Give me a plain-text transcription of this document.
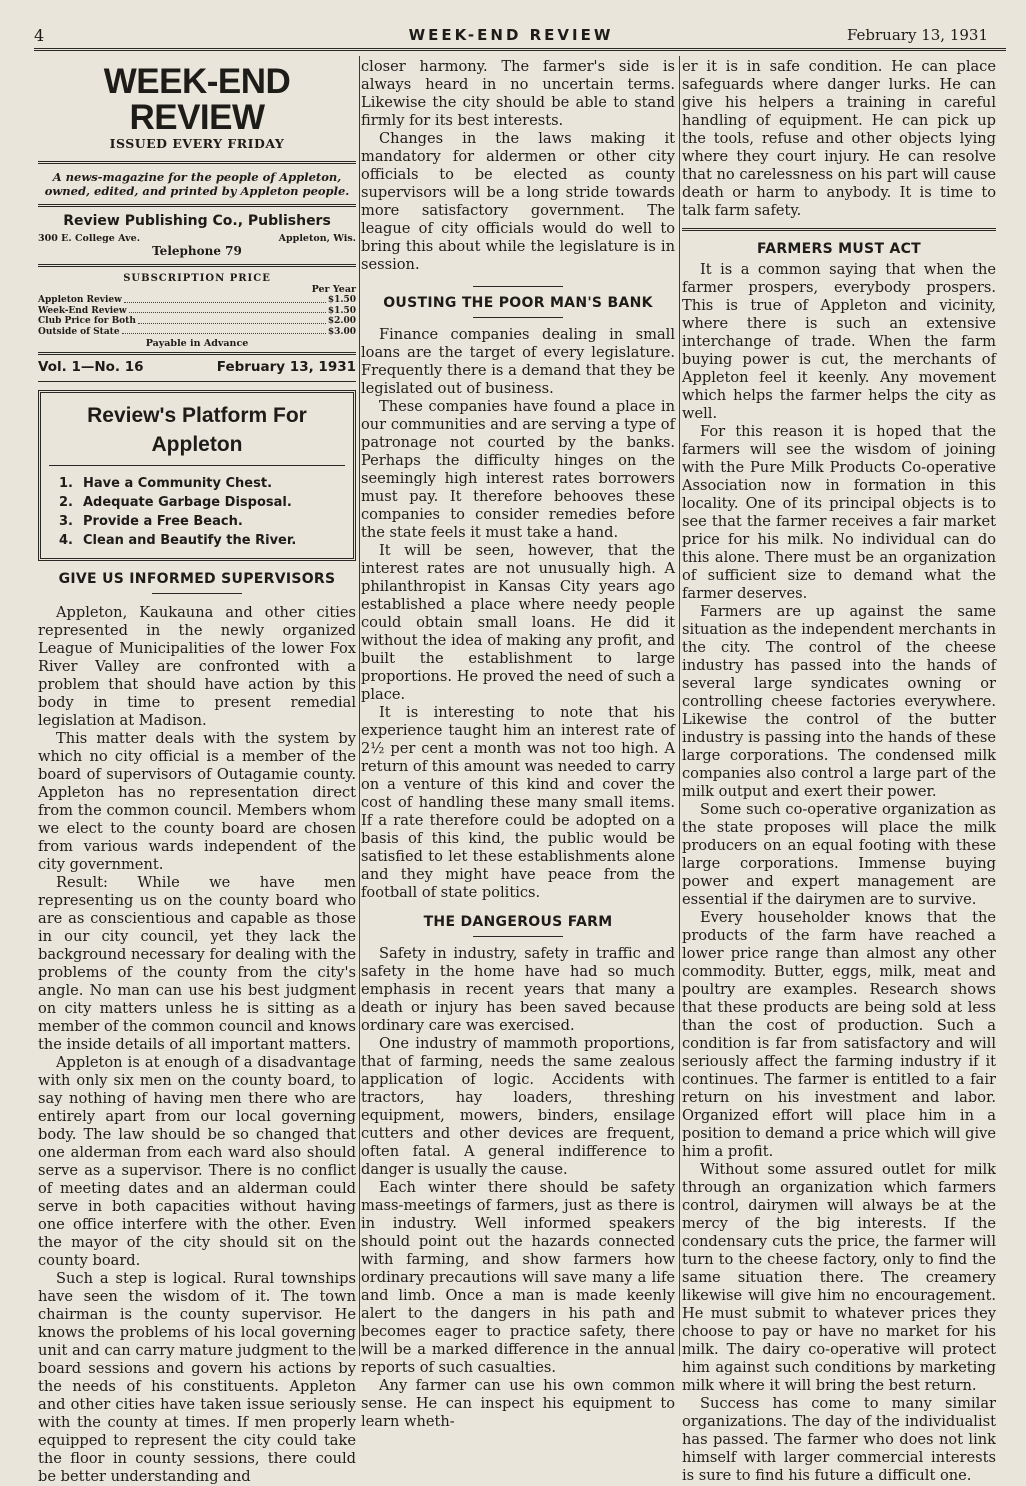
4	WEEK-END REVIEW	February 13, 1931
WEEK-END REVIEW
ISSUED EVERY FRIDAY
A news-magazine for the people of Appleton,
owned, edited, and printed by Appleton people.
Review Publishing Co., Publishers
300 E. College Ave.	Appleton, Wis.
Telephone 79
SUBSCRIPTION PRICE
Per Year
Appleton Review	$1.50
Week-End Review	$1.50
Club Price for Both	$2.00
Outside of State	$3.00
Payable in Advance
Vol. 1—No. 16	February 13, 1931
Review's Platform For
Appleton
1. Have a Community Chest.
2. Adequate Garbage Disposal.
3. Provide a Free Beach.
4. Clean and Beautify the River.
GIVE US INFORMED SUPERVISORS

Appleton, Kaukauna and other cities represented in the newly organized League of Municipalities of the lower Fox River Valley are confronted with a problem that should have action by this body in time to present remedial legislation at Madison.

This matter deals with the system by which no city official is a member of the board of supervisors of Outagamie county. Appleton has no representation direct from the common council. Members whom we elect to the county board are chosen from various wards independent of the city government.

Result: While we have men representing us on the county board who are as conscientious and capable as those in our city council, yet they lack the background necessary for dealing with the problems of the county from the city's angle. No man can use his best judgment on city matters unless he is sitting as a member of the common council and knows the inside details of all important matters.

Appleton is at enough of a disadvantage with only six men on the county board, to say nothing of having men there who are entirely apart from our local governing body. The law should be so changed that one alderman from each ward also should serve as a supervisor. There is no conflict of meeting dates and an alderman could serve in both capacities without having one office interfere with the other. Even the mayor of the city should sit on the county board.

Such a step is logical. Rural townships have seen the wisdom of it. The town chairman is the county supervisor. He knows the problems of his local governing unit and can carry mature judgment to the board sessions and govern his actions by the needs of his constituents. Appleton and other cities have taken issue seriously with the county at times. If men properly equipped to represent the city could take the floor in county sessions, there could be better understanding and

closer harmony. The farmer's side is always heard in no uncertain terms. Likewise the city should be able to stand firmly for its best interests.

Changes in the laws making it mandatory for aldermen or other city officials to be elected as county supervisors will be a long stride towards more satisfactory government. The league of city officials would do well to bring this about while the legislature is in session.

OUSTING THE POOR MAN'S BANK

Finance companies dealing in small loans are the target of every legislature. Frequently there is a demand that they be legislated out of business.

These companies have found a place in our communities and are serving a type of patronage not courted by the banks. Perhaps the difficulty hinges on the seemingly high interest rates borrowers must pay. It therefore behooves these companies to consider remedies before the state feels it must take a hand.

It will be seen, however, that the interest rates are not unusually high. A philanthropist in Kansas City years ago established a place where needy people could obtain small loans. He did it without the idea of making any profit, and built the establishment to large proportions. He proved the need of such a place.

It is interesting to note that his experience taught him an interest rate of 2½ per cent a month was not too high. A return of this amount was needed to carry on a venture of this kind and cover the cost of handling these many small items. If a rate therefore could be adopted on a basis of this kind, the public would be satisfied to let these establishments alone and they might have peace from the football of state politics.

THE DANGEROUS FARM

Safety in industry, safety in traffic and safety in the home have had so much emphasis in recent years that many a death or injury has been saved because ordinary care was exercised.

One industry of mammoth proportions, that of farming, needs the same zealous application of logic. Accidents with tractors, hay loaders, threshing equipment, mowers, binders, ensilage cutters and other devices are frequent, often fatal. A general indifference to danger is usually the cause.

Each winter there should be safety mass-meetings of farmers, just as there is in industry. Well informed speakers should point out the hazards connected with farming, and show farmers how ordinary precautions will save many a life and limb. Once a man is made keenly alert to the dangers in his path and becomes eager to practice safety, there will be a marked difference in the annual reports of such casualties.

Any farmer can use his own common sense. He can inspect his equipment to learn wheth-

er it is in safe condition. He can place safeguards where danger lurks. He can give his helpers a training in careful handling of equipment. He can pick up the tools, refuse and other objects lying where they court injury. He can resolve that no carelessness on his part will cause death or harm to anybody. It is time to talk farm safety.

FARMERS MUST ACT

It is a common saying that when the farmer prospers, everybody prospers. This is true of Appleton and vicinity, where there is such an extensive interchange of trade. When the farm buying power is cut, the merchants of Appleton feel it keenly. Any movement which helps the farmer helps the city as well.

For this reason it is hoped that the farmers will see the wisdom of joining with the Pure Milk Products Co-operative Association now in formation in this locality. One of its principal objects is to see that the farmer receives a fair market price for his milk. No individual can do this alone. There must be an organization of sufficient size to demand what the farmer deserves.

Farmers are up against the same situation as the independent merchants in the city. The control of the cheese industry has passed into the hands of several large syndicates owning or controlling cheese factories everywhere. Likewise the control of the butter industry is passing into the hands of these large corporations. The condensed milk companies also control a large part of the milk output and exert their power.

Some such co-operative organization as the state proposes will place the milk producers on an equal footing with these large corporations. Immense buying power and expert management are essential if the dairymen are to survive.

Every householder knows that the products of the farm have reached a lower price range than almost any other commodity. Butter, eggs, milk, meat and poultry are examples. Research shows that these products are being sold at less than the cost of production. Such a condition is far from satisfactory and will seriously affect the farming industry if it continues. The farmer is entitled to a fair return on his investment and labor. Organized effort will place him in a position to demand a price which will give him a profit.

Without some assured outlet for milk through an organization which farmers control, dairymen will always be at the mercy of the big interests. If the condensary cuts the price, the farmer will turn to the cheese factory, only to find the same situation there. The creamery likewise will give him no encouragement. He must submit to whatever prices they choose to pay or have no market for his milk. The dairy co-operative will protect him against such conditions by marketing milk where it will bring the best return.

Success has come to many similar organizations. The day of the individualist has passed. The farmer who does not link himself with larger commercial interests is sure to find his future a difficult one.
